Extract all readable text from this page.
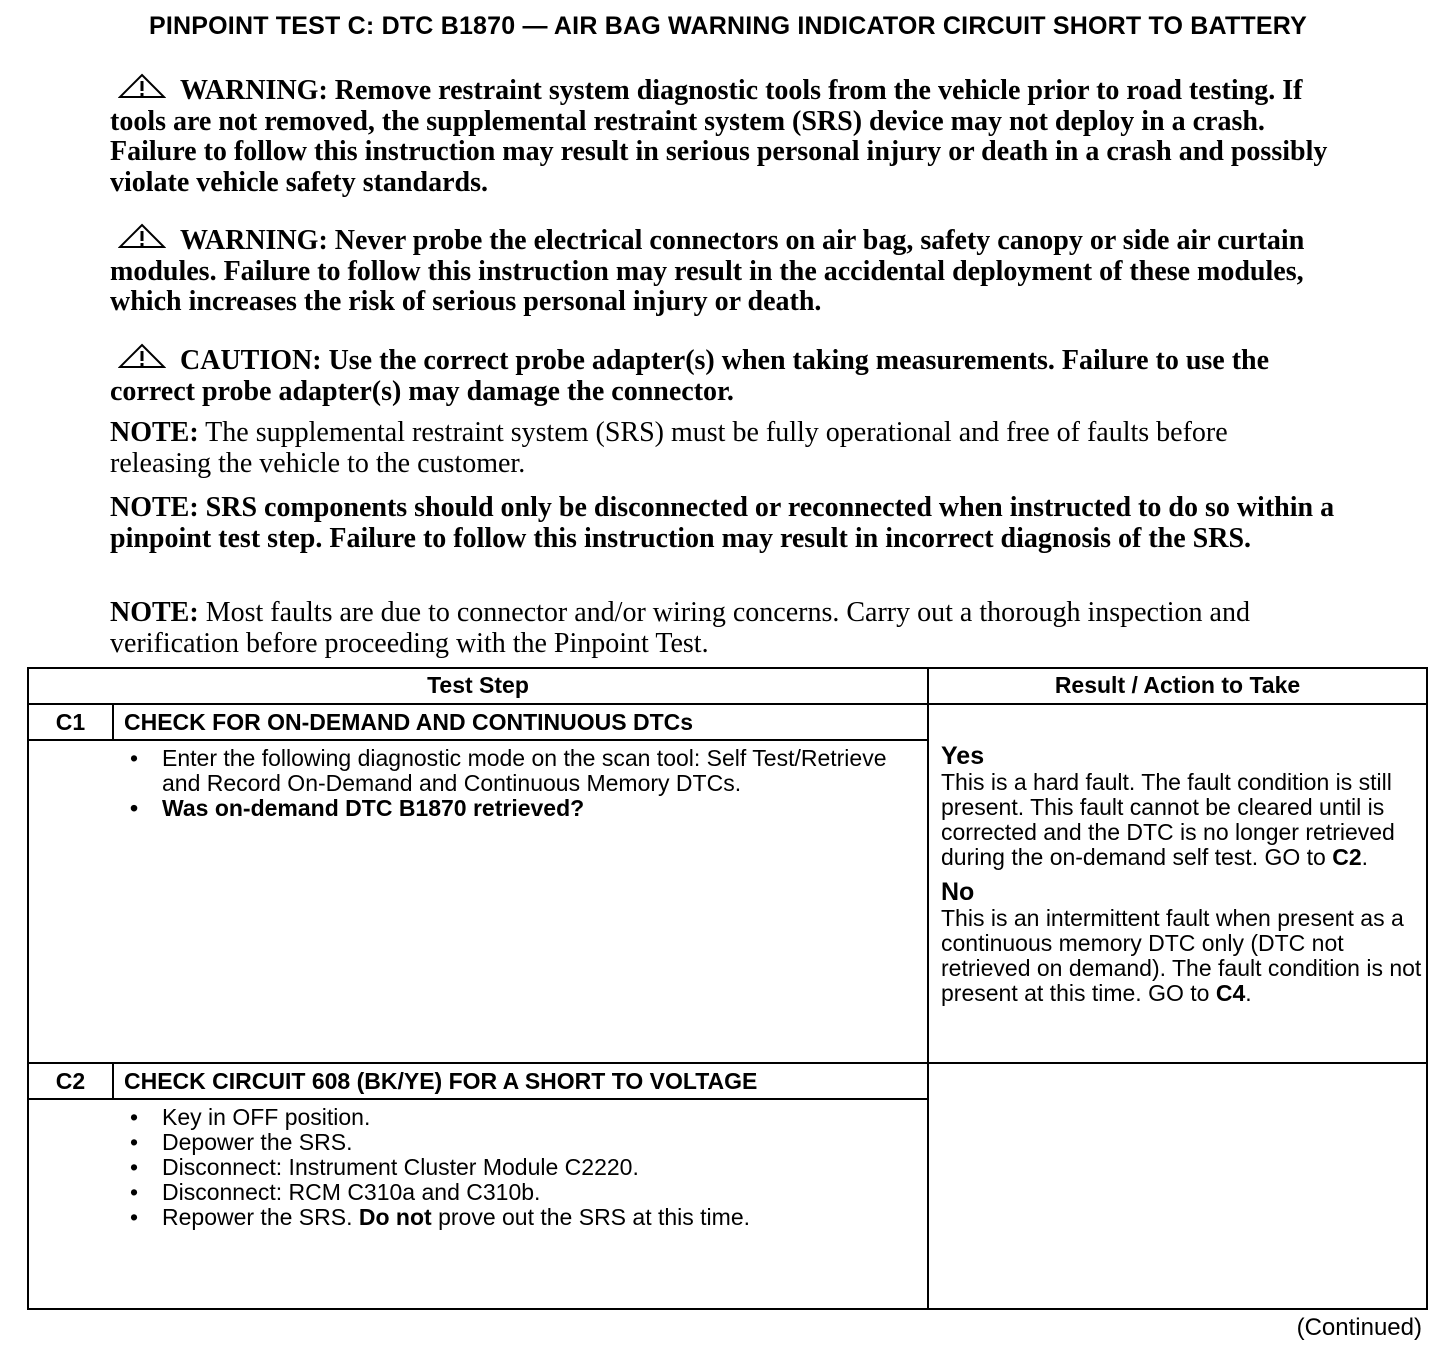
PINPOINT TEST C: DTC B1870 — AIR BAG WARNING INDICATOR CIRCUIT SHORT TO BATTERY
WARNING: Remove restraint system diagnostic tools from the vehicle prior to road testing. If tools are not removed, the supplemental restraint system (SRS) device may not deploy in a crash. Failure to follow this instruction may result in serious personal injury or death in a crash and possibly violate vehicle safety standards.
WARNING: Never probe the electrical connectors on air bag, safety canopy or side air curtain modules. Failure to follow this instruction may result in the accidental deployment of these modules, which increases the risk of serious personal injury or death.
CAUTION: Use the correct probe adapter(s) when taking measurements. Failure to use the correct probe adapter(s) may damage the connector.
NOTE: The supplemental restraint system (SRS) must be fully operational and free of faults before releasing the vehicle to the customer.
NOTE: SRS components should only be disconnected or reconnected when instructed to do so within a pinpoint test step. Failure to follow this instruction may result in incorrect diagnosis of the SRS.
NOTE: Most faults are due to connector and/or wiring concerns. Carry out a thorough inspection and verification before proceeding with the Pinpoint Test.
Test Step	Result / Action to Take
C1	CHECK FOR ON-DEMAND AND CONTINUOUS DTCs
• Enter the following diagnostic mode on the scan tool: Self Test/Retrieve and Record On-Demand and Continuous Memory DTCs.
• Was on-demand DTC B1870 retrieved?
Yes
This is a hard fault. The fault condition is still present. This fault cannot be cleared until is corrected and the DTC is no longer retrieved during the on-demand self test. GO to C2.
No
This is an intermittent fault when present as a continuous memory DTC only (DTC not retrieved on demand). The fault condition is not present at this time. GO to C4.
C2	CHECK CIRCUIT 608 (BK/YE) FOR A SHORT TO VOLTAGE
• Key in OFF position.
• Depower the SRS.
• Disconnect: Instrument Cluster Module C2220.
• Disconnect: RCM C310a and C310b.
• Repower the SRS. Do not prove out the SRS at this time.
(Continued)
